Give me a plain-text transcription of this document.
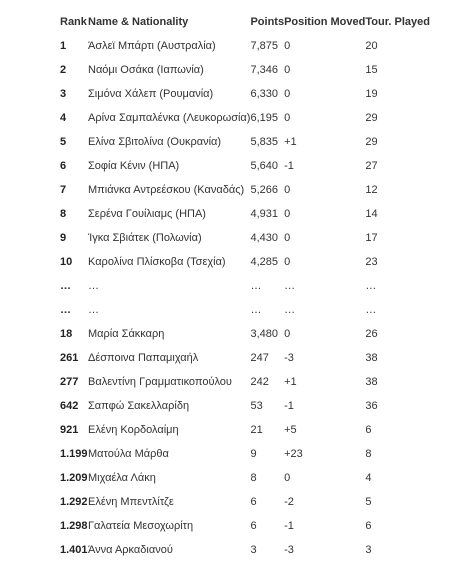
Rank	Name & Nationality	Points	Position Moved	Tour. Played
1	Άσλεϊ Μπάρτι (Αυστραλία)	7,875	0	20
2	Ναόμι Οσάκα (Ιαπωνία)	7,346	0	15
3	Σιμόνα Χάλεπ (Ρουμανία)	6,330	0	19
4	Αρίνα Σαμπαλένκα (Λευκορωσία)	6,195	0	29
5	Ελίνα Σβιτολίνα (Ουκρανία)	5,835	+1	29
6	Σοφία Κένιν (ΗΠΑ)	5,640	-1	27
7	Μπιάνκα Αντρεέσκου (Καναδάς)	5,266	0	12
8	Σερένα Γουίλιαμς (ΗΠΑ)	4,931	0	14
9	Ίγκα Σβιάτεκ (Πολωνία)	4,430	0	17
10	Καρολίνα Πλίσκοβα (Τσεχία)	4,285	0	23
…	…	…	…	…
…	…	…	…	…
18	Μαρία Σάκκαρη	3,480	0	26
261	Δέσποινα Παπαμιχαήλ	247	-3	38
277	Βαλεντίνη Γραμματικοπούλου	242	+1	38
642	Σαπφώ Σακελλαρίδη	53	-1	36
921	Ελένη Κορδολαίμη	21	+5	6
1.199	Ματούλα Μάρθα	9	+23	8
1.209	Μιχαέλα Λάκη	8	0	4
1.292	Ελένη Μπεντλίτζε	6	-2	5
1.298	Γαλατεία Μεσοχωρίτη	6	-1	6
1.401	Άννα Αρκαδιανού	3	-3	3
